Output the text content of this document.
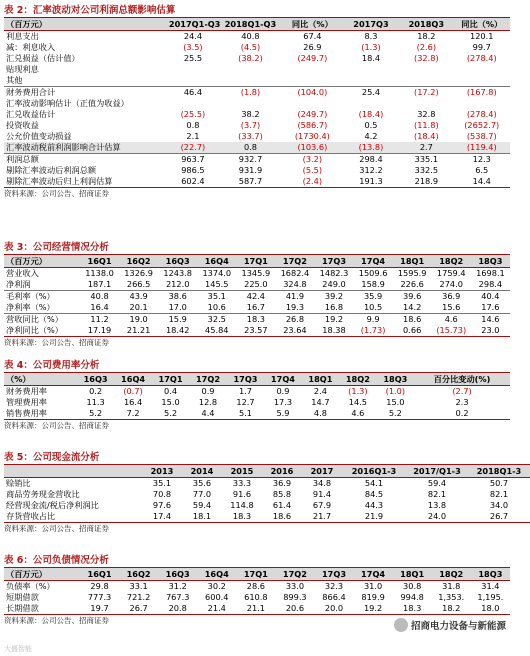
表 2：汇率波动对公司利润总额影响估算
（百万元）	2017Q1-Q3	2018Q1-Q3	同比（%）	2017Q3	2018Q3	同比（%）
利息支出	24.4	40.8	67.4	8.3	18.2	120.1
减：利息收入	(3.5)	(4.5)	26.9	(1.3)	(2.6)	99.7
汇兑损益（估计值）	25.5	(38.2)	(249.7)	18.4	(32.8)	(278.4)
贴现利息						
其他						
财务费用合计	46.4	(1.8)	(104.0)	25.4	(17.2)	(167.8)
汇率波动影响估计（正值为收益）						
汇兑收益估计	(25.5)	38.2	(249.7)	(18.4)	32.8	(278.4)
投资收益	0.8	(3.7)	(586.7)	0.5	(11.8)	(2652.7)
公允价值变动损益	2.1	(33.7)	(1730.4)	4.2	(18.4)	(538.7)
汇率波动税前利润影响合计估算	(22.7)	0.8	(103.6)	(13.8)	2.7	(119.4)
利润总额	963.7	932.7	(3.2)	298.4	335.1	12.3
剔除汇率波动后利润总额	986.5	931.9	(5.5)	312.2	332.5	6.5
剔除汇率波动后归上利润估算	602.4	587.7	(2.4)	191.3	218.9	14.4
资料来源：公司公告、招商证券
表 3：公司经营情况分析
（百万元）	16Q1	16Q2	16Q3	16Q4	17Q1	17Q2	17Q3	17Q4	18Q1	18Q2	18Q3
营业收入	1138.0	1326.9	1243.8	1374.0	1345.9	1682.4	1482.3	1509.6	1595.9	1759.4	1698.1
净利润	187.1	266.5	212.0	145.5	225.0	324.8	249.0	158.9	226.6	274.0	298.4
毛利率（%）	40.8	43.9	38.6	35.1	42.4	41.9	39.2	35.9	39.6	36.9	40.4
净利率（%）	16.4	20.1	17.0	10.6	16.7	19.3	16.8	10.5	14.2	15.6	17.6
营收同比（%）	11.2	19.0	15.9	32.5	18.3	26.8	19.2	9.9	18.6	4.6	14.6
净利同比（%）	17.19	21.21	18.42	45.84	23.57	23.64	18.38	(1.73)	0.66	(15.73)	23.0
资料来源：公司公告、招商证券
表 4：公司费用率分析
（%）	16Q3	16Q4	17Q1	17Q2	17Q3	17Q4	18Q1	18Q2	18Q3	百分比变动(%)
财务费用率	0.2	(0.7)	0.4	0.9	1.7	0.9	2.4	(1.3)	(1.0)	(2.7)
管理费用率	11.3	16.4	15.0	12.8	12.7	17.3	14.7	14.5	15.0	2.3
销售费用率	5.2	7.2	5.2	4.4	5.1	5.9	4.8	4.6	5.2	0.2
资料来源：公司公告、招商证券
表 5：公司现金流分析
	2013	2014	2015	2016	2017	2016Q1-3	2017/Q1-3	2018Q1-3
赊销比	35.1	35.6	33.3	36.9	34.8	54.1	59.4	50.7
商品劳务现金营收比	70.8	77.0	91.6	85.8	91.4	84.5	82.1	82.1
经营现金流/税后净利润比	97.6	59.4	114.8	61.4	67.9	44.3	13.8	34.0
存货营收占比	17.4	18.1	18.3	18.6	21.7	21.9	24.0	26.7
资料来源：公司公告、招商证券
表 6：公司负债情况分析
（百万元）	16Q1	16Q2	16Q3	16Q4	17Q1	17Q2	17Q3	17Q4	18Q1	18Q2	18Q3
负债率（%）	29.8	33.1	31.2	30.2	28.6	33.0	32.3	31.0	30.8	31.8	31.4
短期借款	777.3	721.2	767.3	600.4	610.8	899.3	866.4	819.9	994.8	1,353.	1,195.
长期借款	19.7	26.7	20.8	21.4	21.1	20.6	20.0	19.2	18.3	18.2	18.0
资料来源：公司公告、招商证券
招商电力设备与新能源
大盛智能
